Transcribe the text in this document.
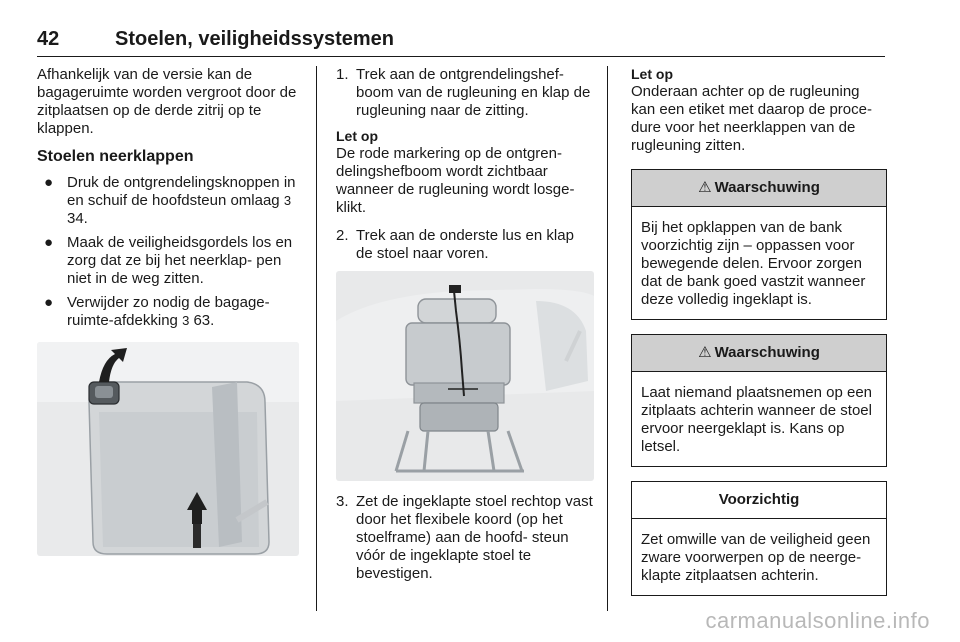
42	Stoelen, veiligheidssystemen

Afhankelijk van de versie kan de bagageruimte worden vergroot door de zitplaatsen op de derde zitrij op te klappen.

Stoelen neerklappen
● Druk de ontgrendelingsknoppen in en schuif de hoofdsteun omlaag 3 34.
● Maak de veiligheidsgordels los en zorg dat ze bij het neerklap- pen niet in de weg zitten.
● Verwijder zo nodig de bagage- ruimte-afdekking 3 63.
1. Trek aan de ontgrendelingshef- boom van de rugleuning en klap de rugleuning naar de zitting.
Let op

De rode markering op de ontgren- delingshefboom wordt zichtbaar wanneer de rugleuning wordt losge- klikt.

2. Trek aan de onderste lus en klap de stoel naar voren.
3. Zet de ingeklapte stoel rechtop vast door het flexibele koord (op het stoelframe) aan de hoofd- steun vóór de ingeklapte stoel te bevestigen.
Let op

Onderaan achter op de rugleuning kan een etiket met daarop de proce- dure voor het neerklappen van de rugleuning zitten.

⚠ Waarschuwing
Bij het opklappen van de bank voorzichtig zijn – oppassen voor bewegende delen. Ervoor zorgen dat de bank goed vastzit wanneer deze volledig ingeklapt is.
⚠ Waarschuwing
Laat niemand plaatsnemen op een zitplaats achterin wanneer de stoel ervoor neergeklapt is. Kans op letsel.
Voorzichtig
Zet omwille van de veiligheid geen zware voorwerpen op de neerge- klapte zitplaatsen achterin.
carmanualsonline.info
